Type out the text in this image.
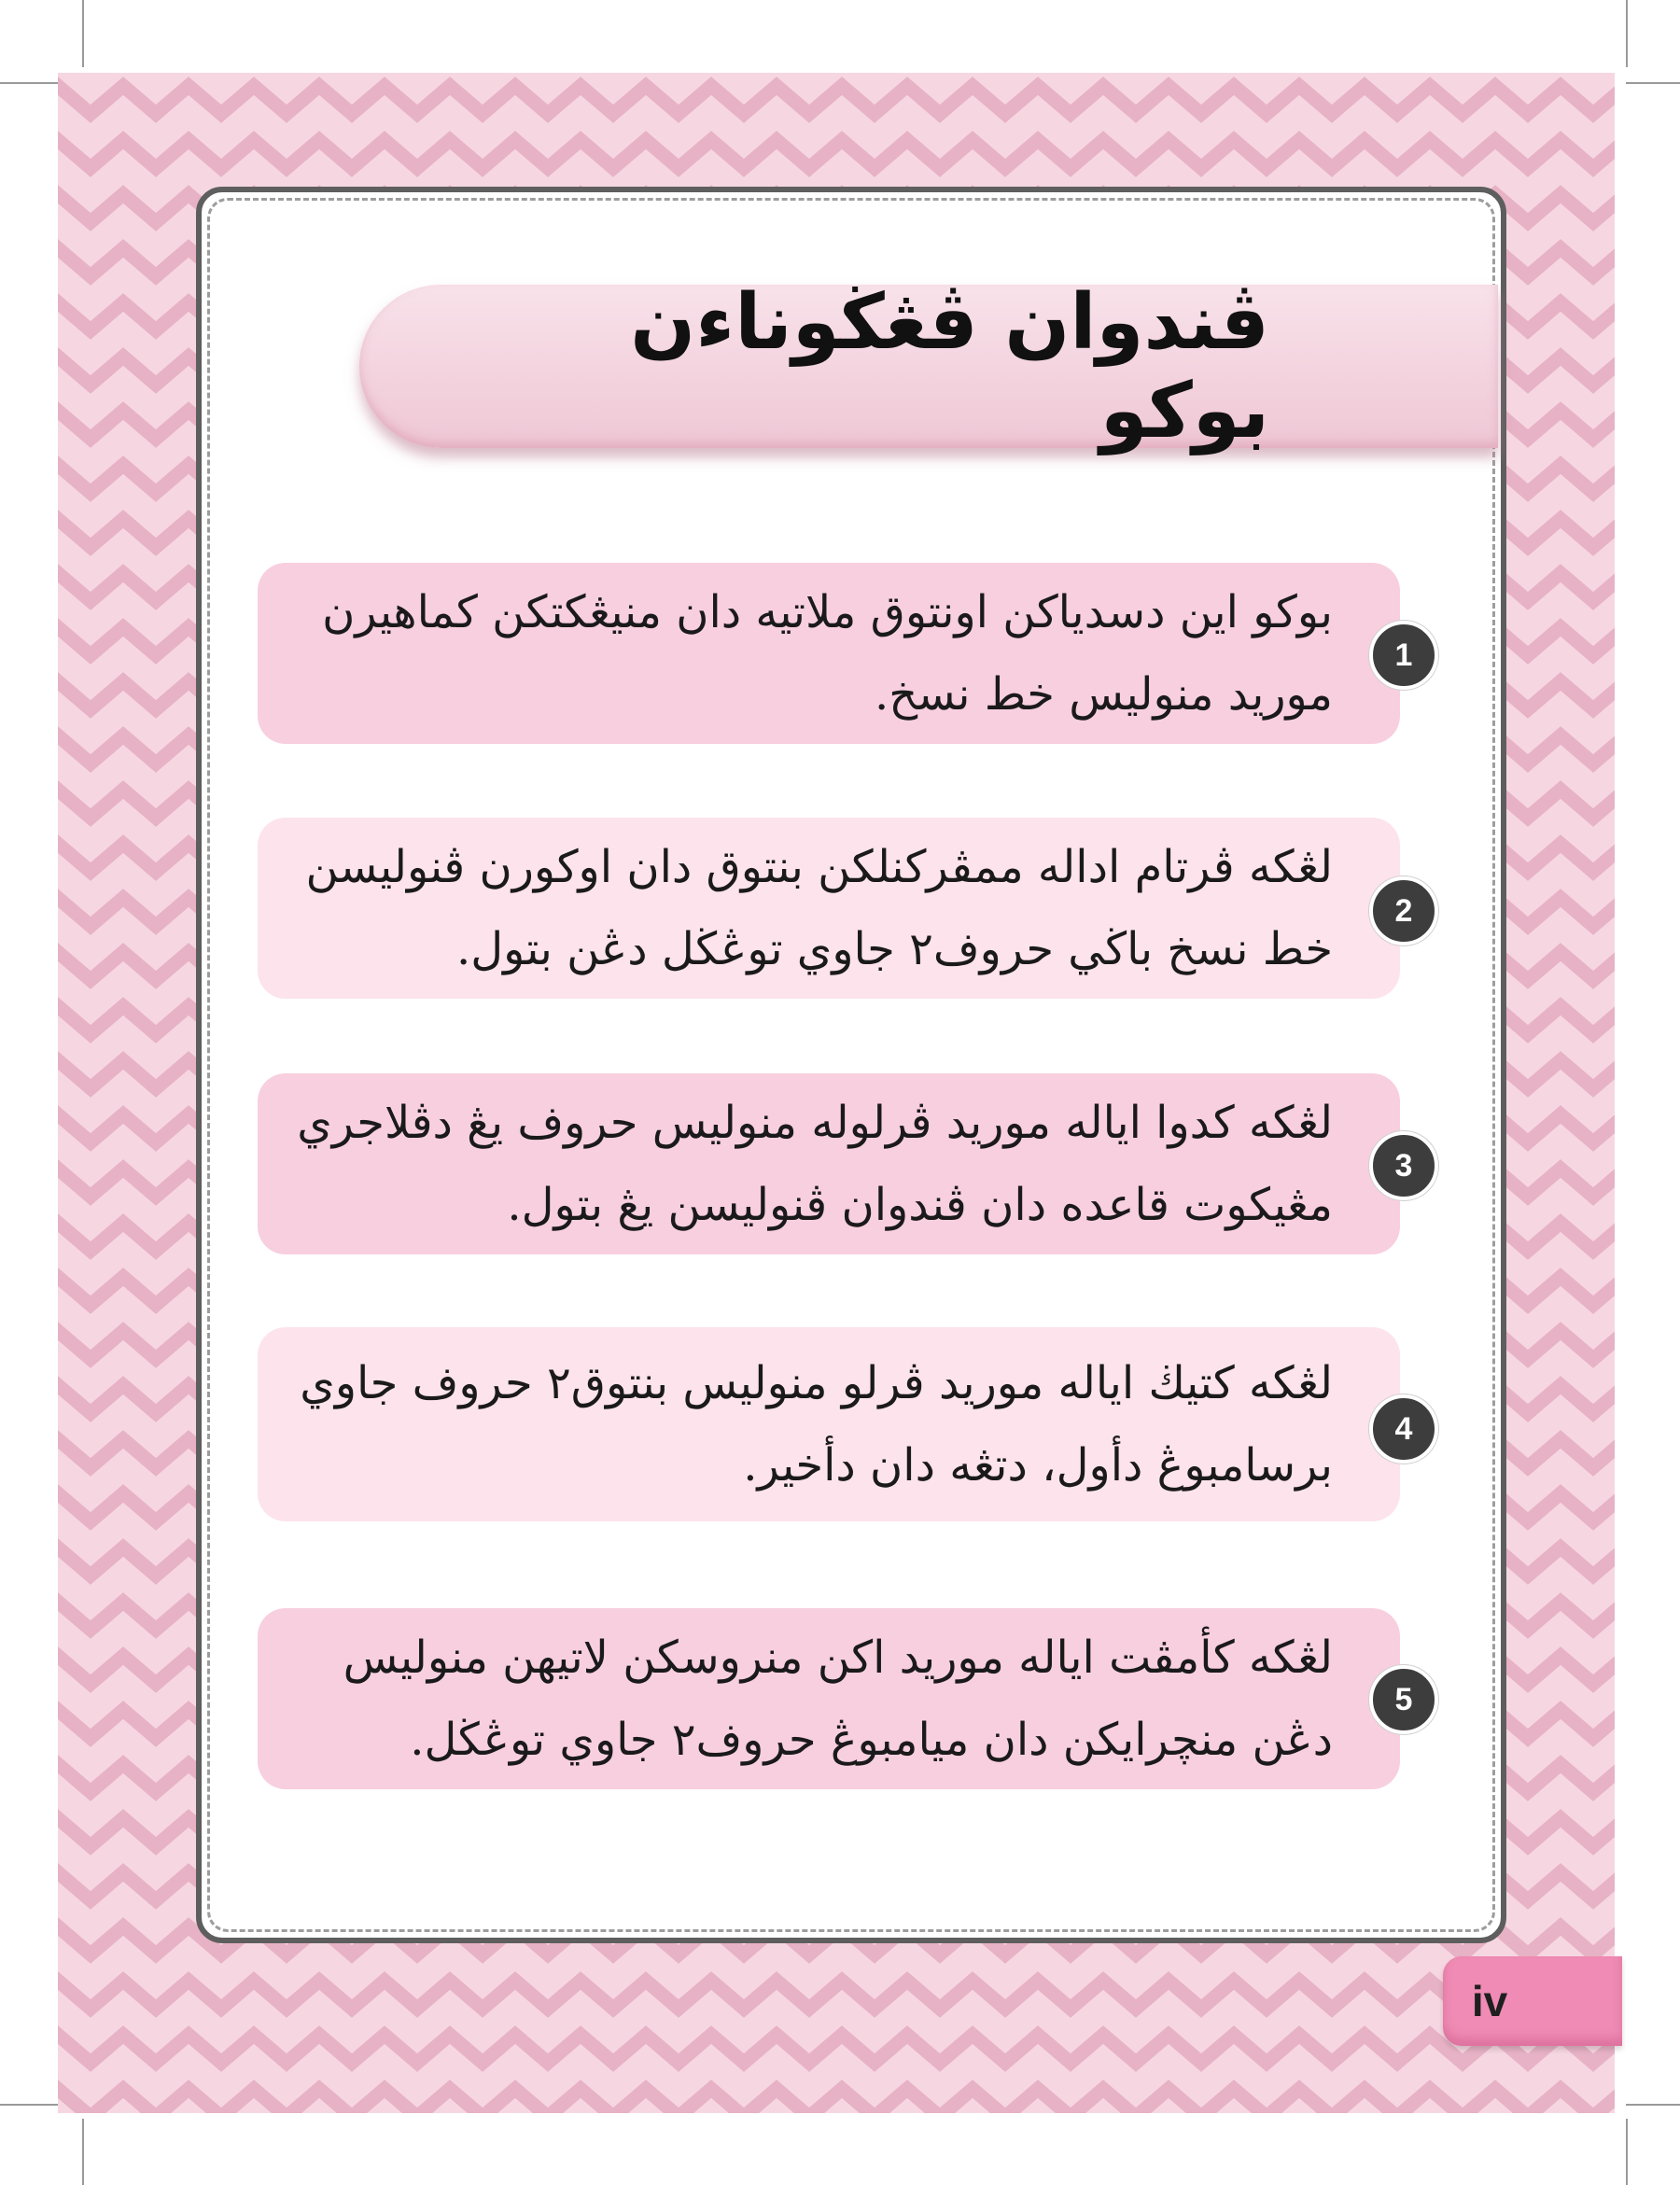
ڤندوان ڤڠڬوناءن بوكو
بوكو اين دسدياكن اونتوق ملاتيه دان منيڠكتكن كماهيرن موريد منوليس خط نسخ.
1
لڠكه ڤرتام اداله ممڤركنلكن بنتوق دان اوكورن ڤنوليسن خط نسخ باڬي حروف٢ جاوي توڠڬل دڠن بتول.
2
لڠكه كدوا اياله موريد ڤرلوله منوليس حروف يڠ دڤلاجري مڠيكوت قاعده دان ڤندوان ڤنوليسن يڠ بتول.
3
لڠكه كتيڬ اياله موريد ڤرلو منوليس بنتوق٢ حروف جاوي برسامبوڠ دأول، دتڠه دان دأخير.
4
لڠكه كأمڤت اياله موريد اكن منروسكن لاتيهن منوليس دڠن منچرايكن دان ميامبوڠ حروف٢ جاوي توڠڬل.
5
iv
